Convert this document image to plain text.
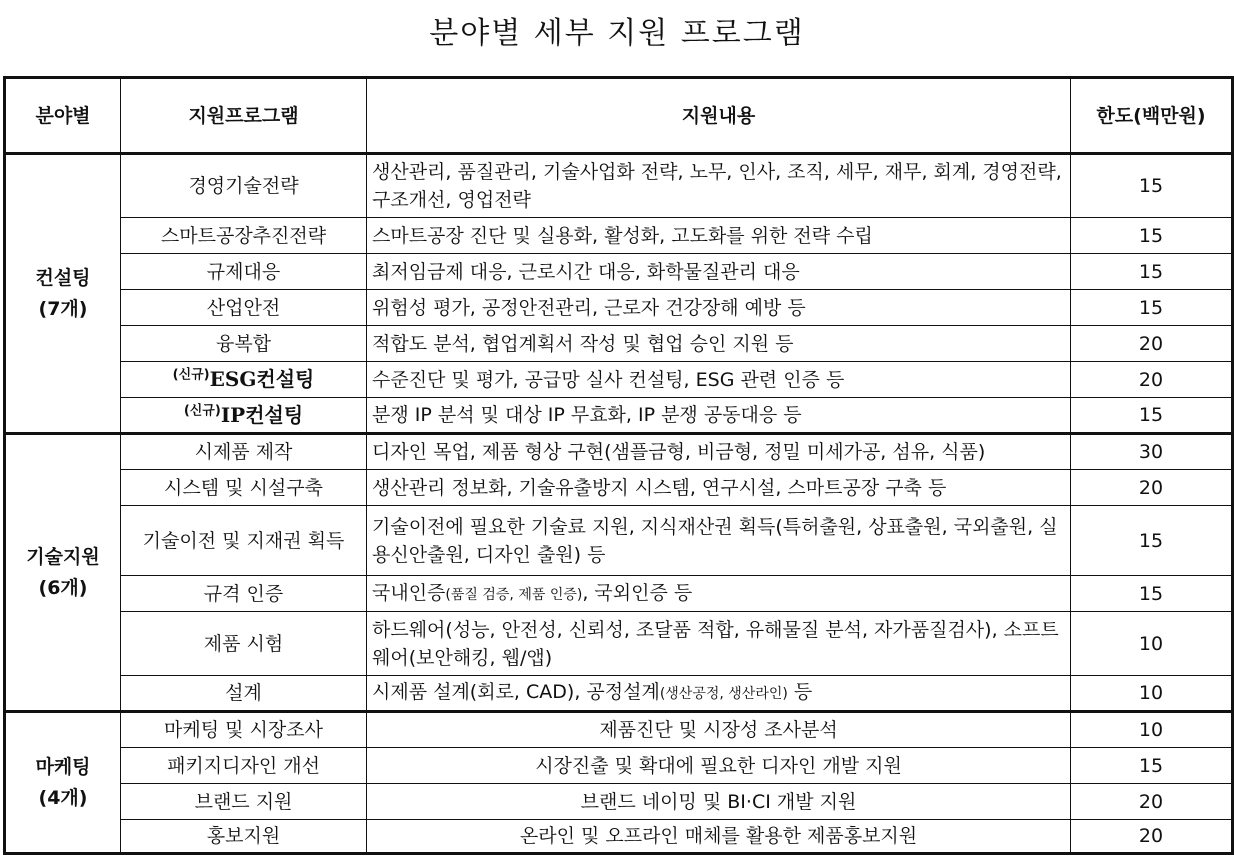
분야별 세부 지원 프로그램
분야별	지원프로그램	지원내용	한도(백만원)
컨설팅
(7개)	경영기술전략	생산관리, 품질관리, 기술사업화 전략, 노무, 인사, 조직, 세무, 재무, 회계, 경영전략, 구조개선, 영업전략	15
	스마트공장추진전략	스마트공장 진단 및 실용화, 활성화, 고도화를 위한 전략 수립	15
	규제대응	최저임금제 대응, 근로시간 대응, 화학물질관리 대응	15
	산업안전	위험성 평가, 공정안전관리, 근로자 건강장해 예방 등	15
	융복합	적합도 분석, 협업계획서 작성 및 협업 승인 지원 등	20
	$^{(신규)}$ESG컨설팅	수준진단 및 평가, 공급망 실사 컨설팅, ESG 관련 인증 등	20
	$^{(신규)}$IP컨설팅	분쟁 IP 분석 및 대상 IP 무효화, IP 분쟁 공동대응 등	15
기술지원
(6개)	시제품 제작	디자인 목업, 제품 형상 구현(샘플금형, 비금형, 정밀 미세가공, 섬유, 식품)	30
	시스템 및 시설구축	생산관리 정보화, 기술유출방지 시스템, 연구시설, 스마트공장 구축 등	20
	기술이전 및 지재권 획득	기술이전에 필요한 기술료 지원, 지식재산권 획득(특허출원, 상표출원, 국외출원, 실용신안출원, 디자인 출원) 등	15
	규격 인증	국내인증(품질 검증, 제품 인증), 국외인증 등	15
	제품 시험	하드웨어(성능, 안전성, 신뢰성, 조달품 적합, 유해물질 분석, 자가품질검사), 소프트웨어(보안해킹, 웹/앱)	10
	설계	시제품 설계(회로, CAD), 공정설계(생산공정, 생산라인) 등	10
마케팅
(4개)	마케팅 및 시장조사	제품진단 및 시장성 조사분석	10
	패키지디자인 개선	시장진출 및 확대에 필요한 디자인 개발 지원	15
	브랜드 지원	브랜드 네이밍 및 BI·CI 개발 지원	20
	홍보지원	온라인 및 오프라인 매체를 활용한 제품홍보지원	20
